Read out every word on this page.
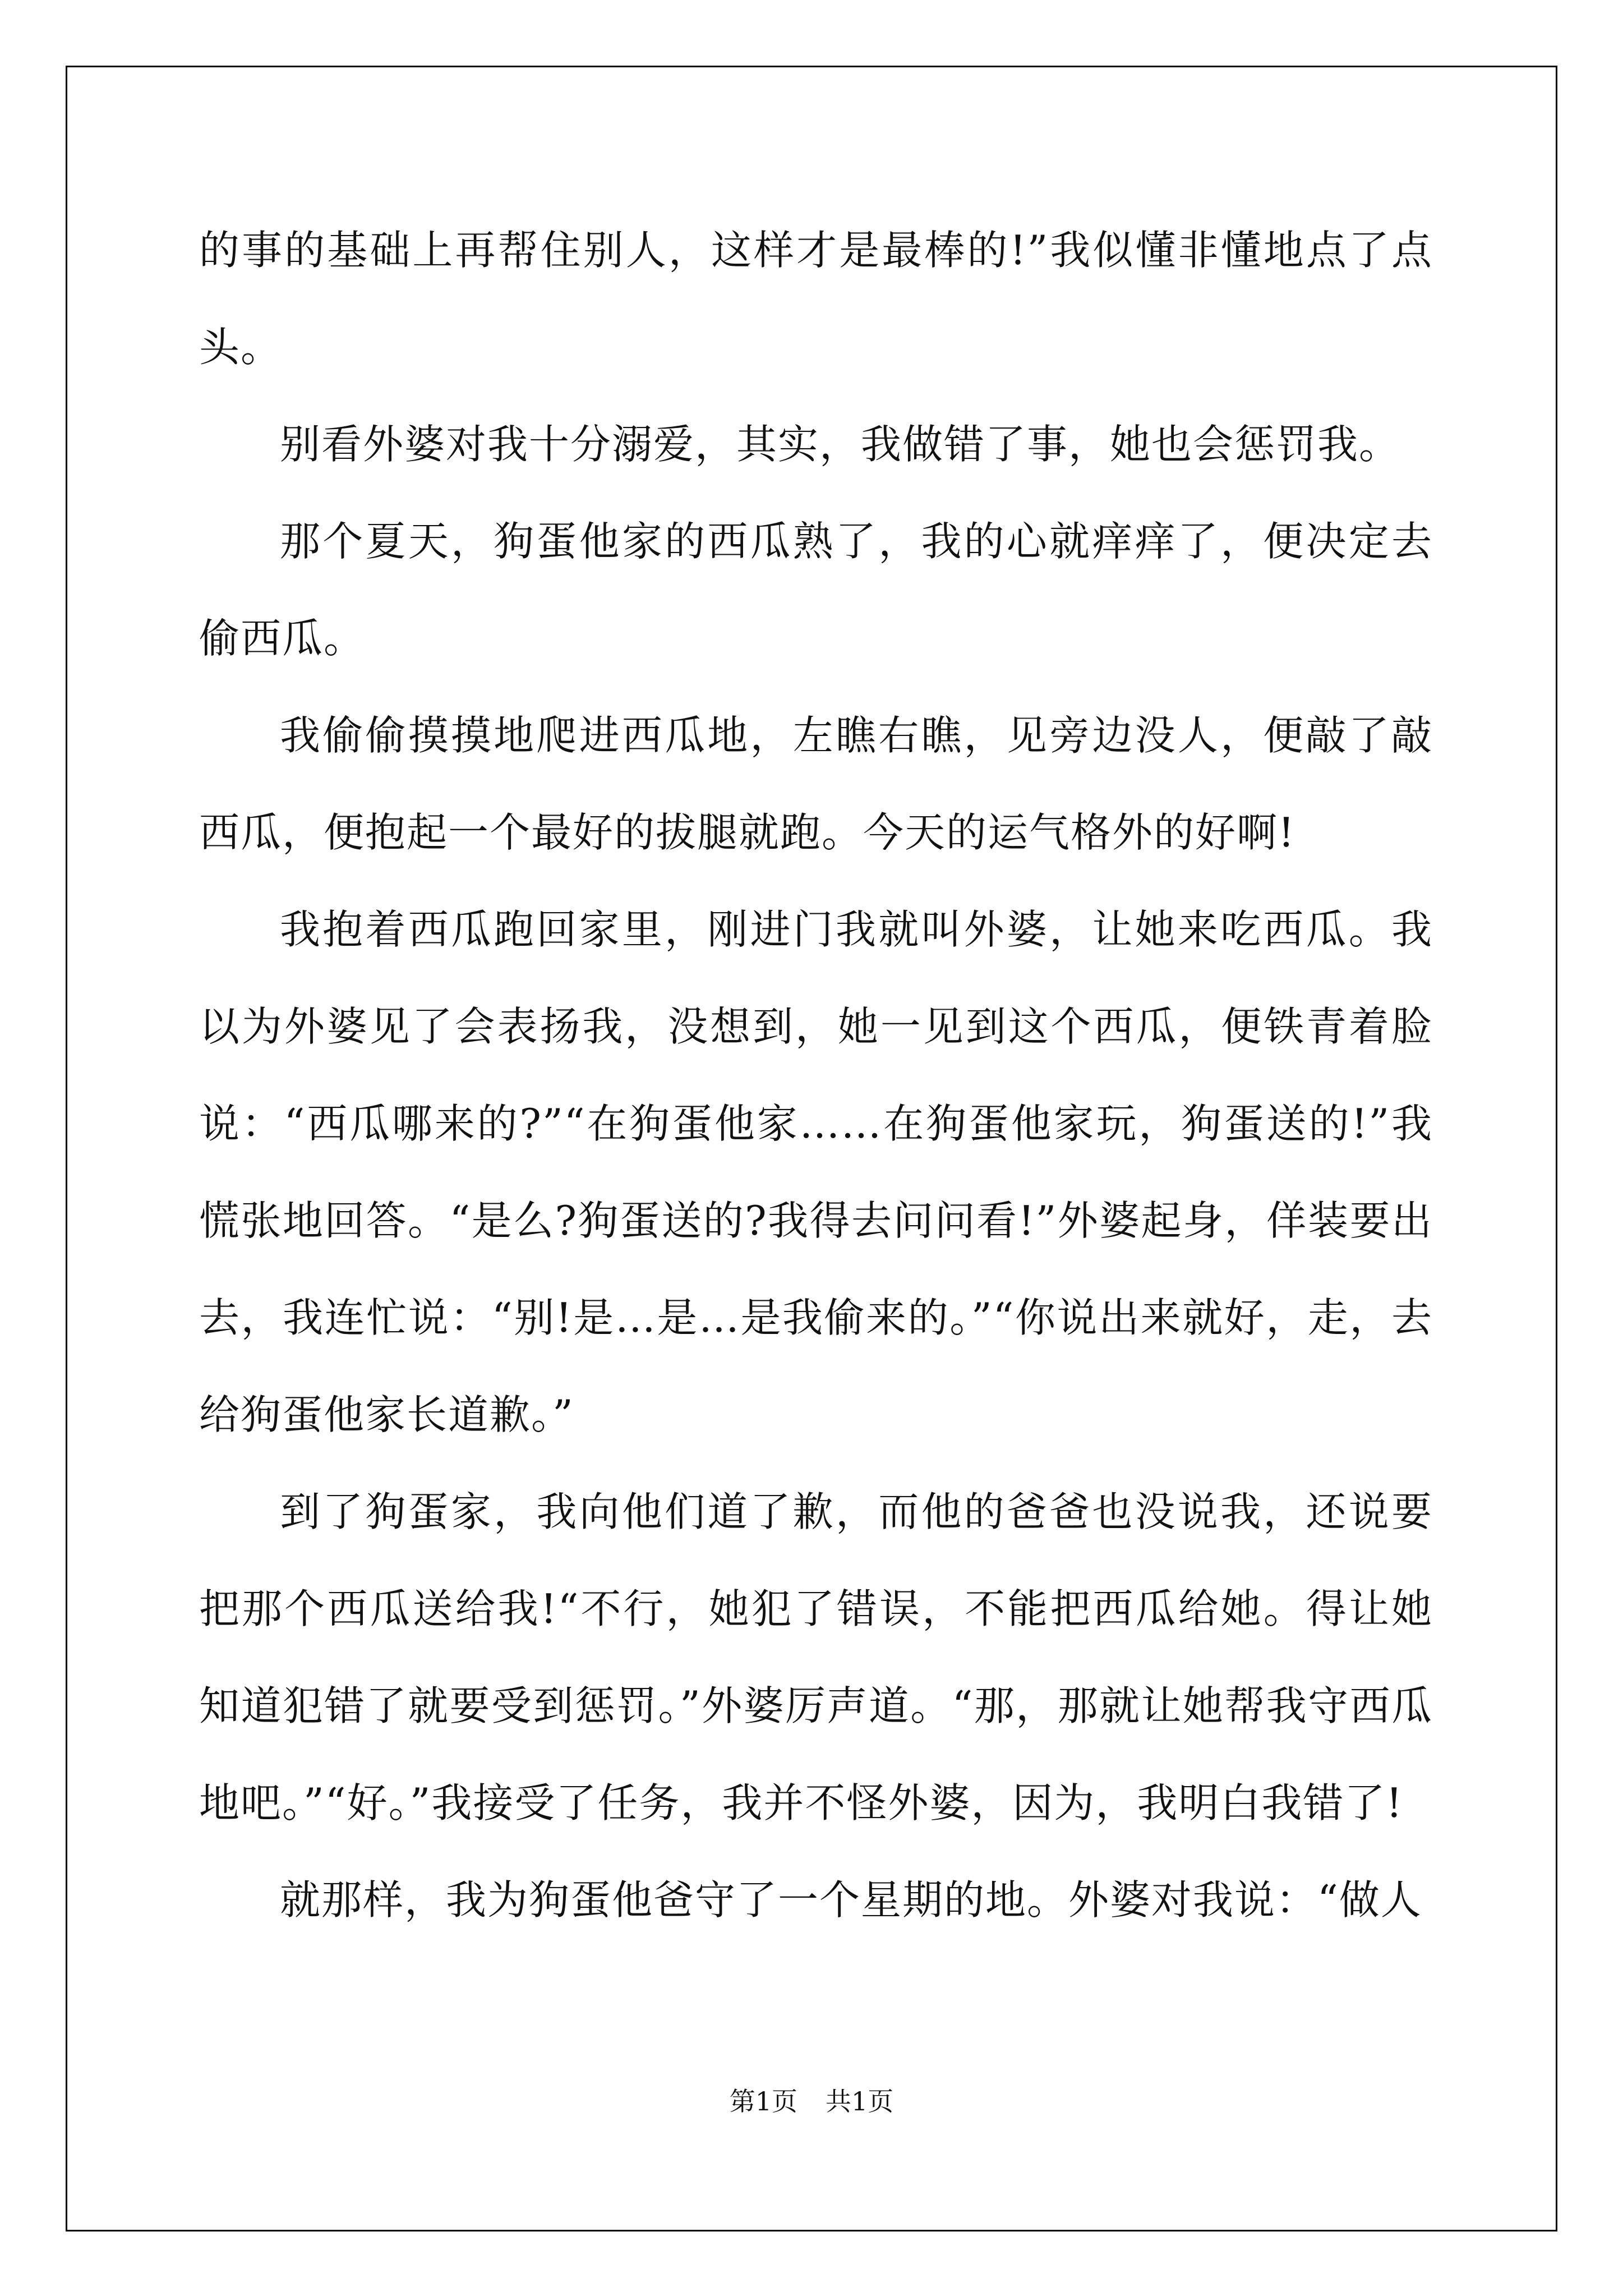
的事的基础上再帮住别人，这样才是最棒的!”我似懂非懂地点了点头。

别看外婆对我十分溺爱，其实，我做错了事，她也会惩罚我。

那个夏天，狗蛋他家的西瓜熟了，我的心就痒痒了，便决定去偷西瓜。

我偷偷摸摸地爬进西瓜地，左瞧右瞧，见旁边没人，便敲了敲西瓜，便抱起一个最好的拔腿就跑。今天的运气格外的好啊!

我抱着西瓜跑回家里，刚进门我就叫外婆，让她来吃西瓜。我以为外婆见了会表扬我，没想到，她一见到这个西瓜，便铁青着脸说：“西瓜哪来的?”“在狗蛋他家……在狗蛋他家玩，狗蛋送的!”我慌张地回答。“是么?狗蛋送的?我得去问问看!”外婆起身，佯装要出去，我连忙说：“别!是…是…是我偷来的。”“你说出来就好，走，去给狗蛋他家长道歉。”

到了狗蛋家，我向他们道了歉，而他的爸爸也没说我，还说要把那个西瓜送给我!“不行，她犯了错误，不能把西瓜给她。得让她知道犯错了就要受到惩罚。”外婆厉声道。“那，那就让她帮我守西瓜地吧。”“好。”我接受了任务，我并不怪外婆，因为，我明白我错了!

就那样，我为狗蛋他爸守了一个星期的地。外婆对我说：“做人

第1页 共1页
